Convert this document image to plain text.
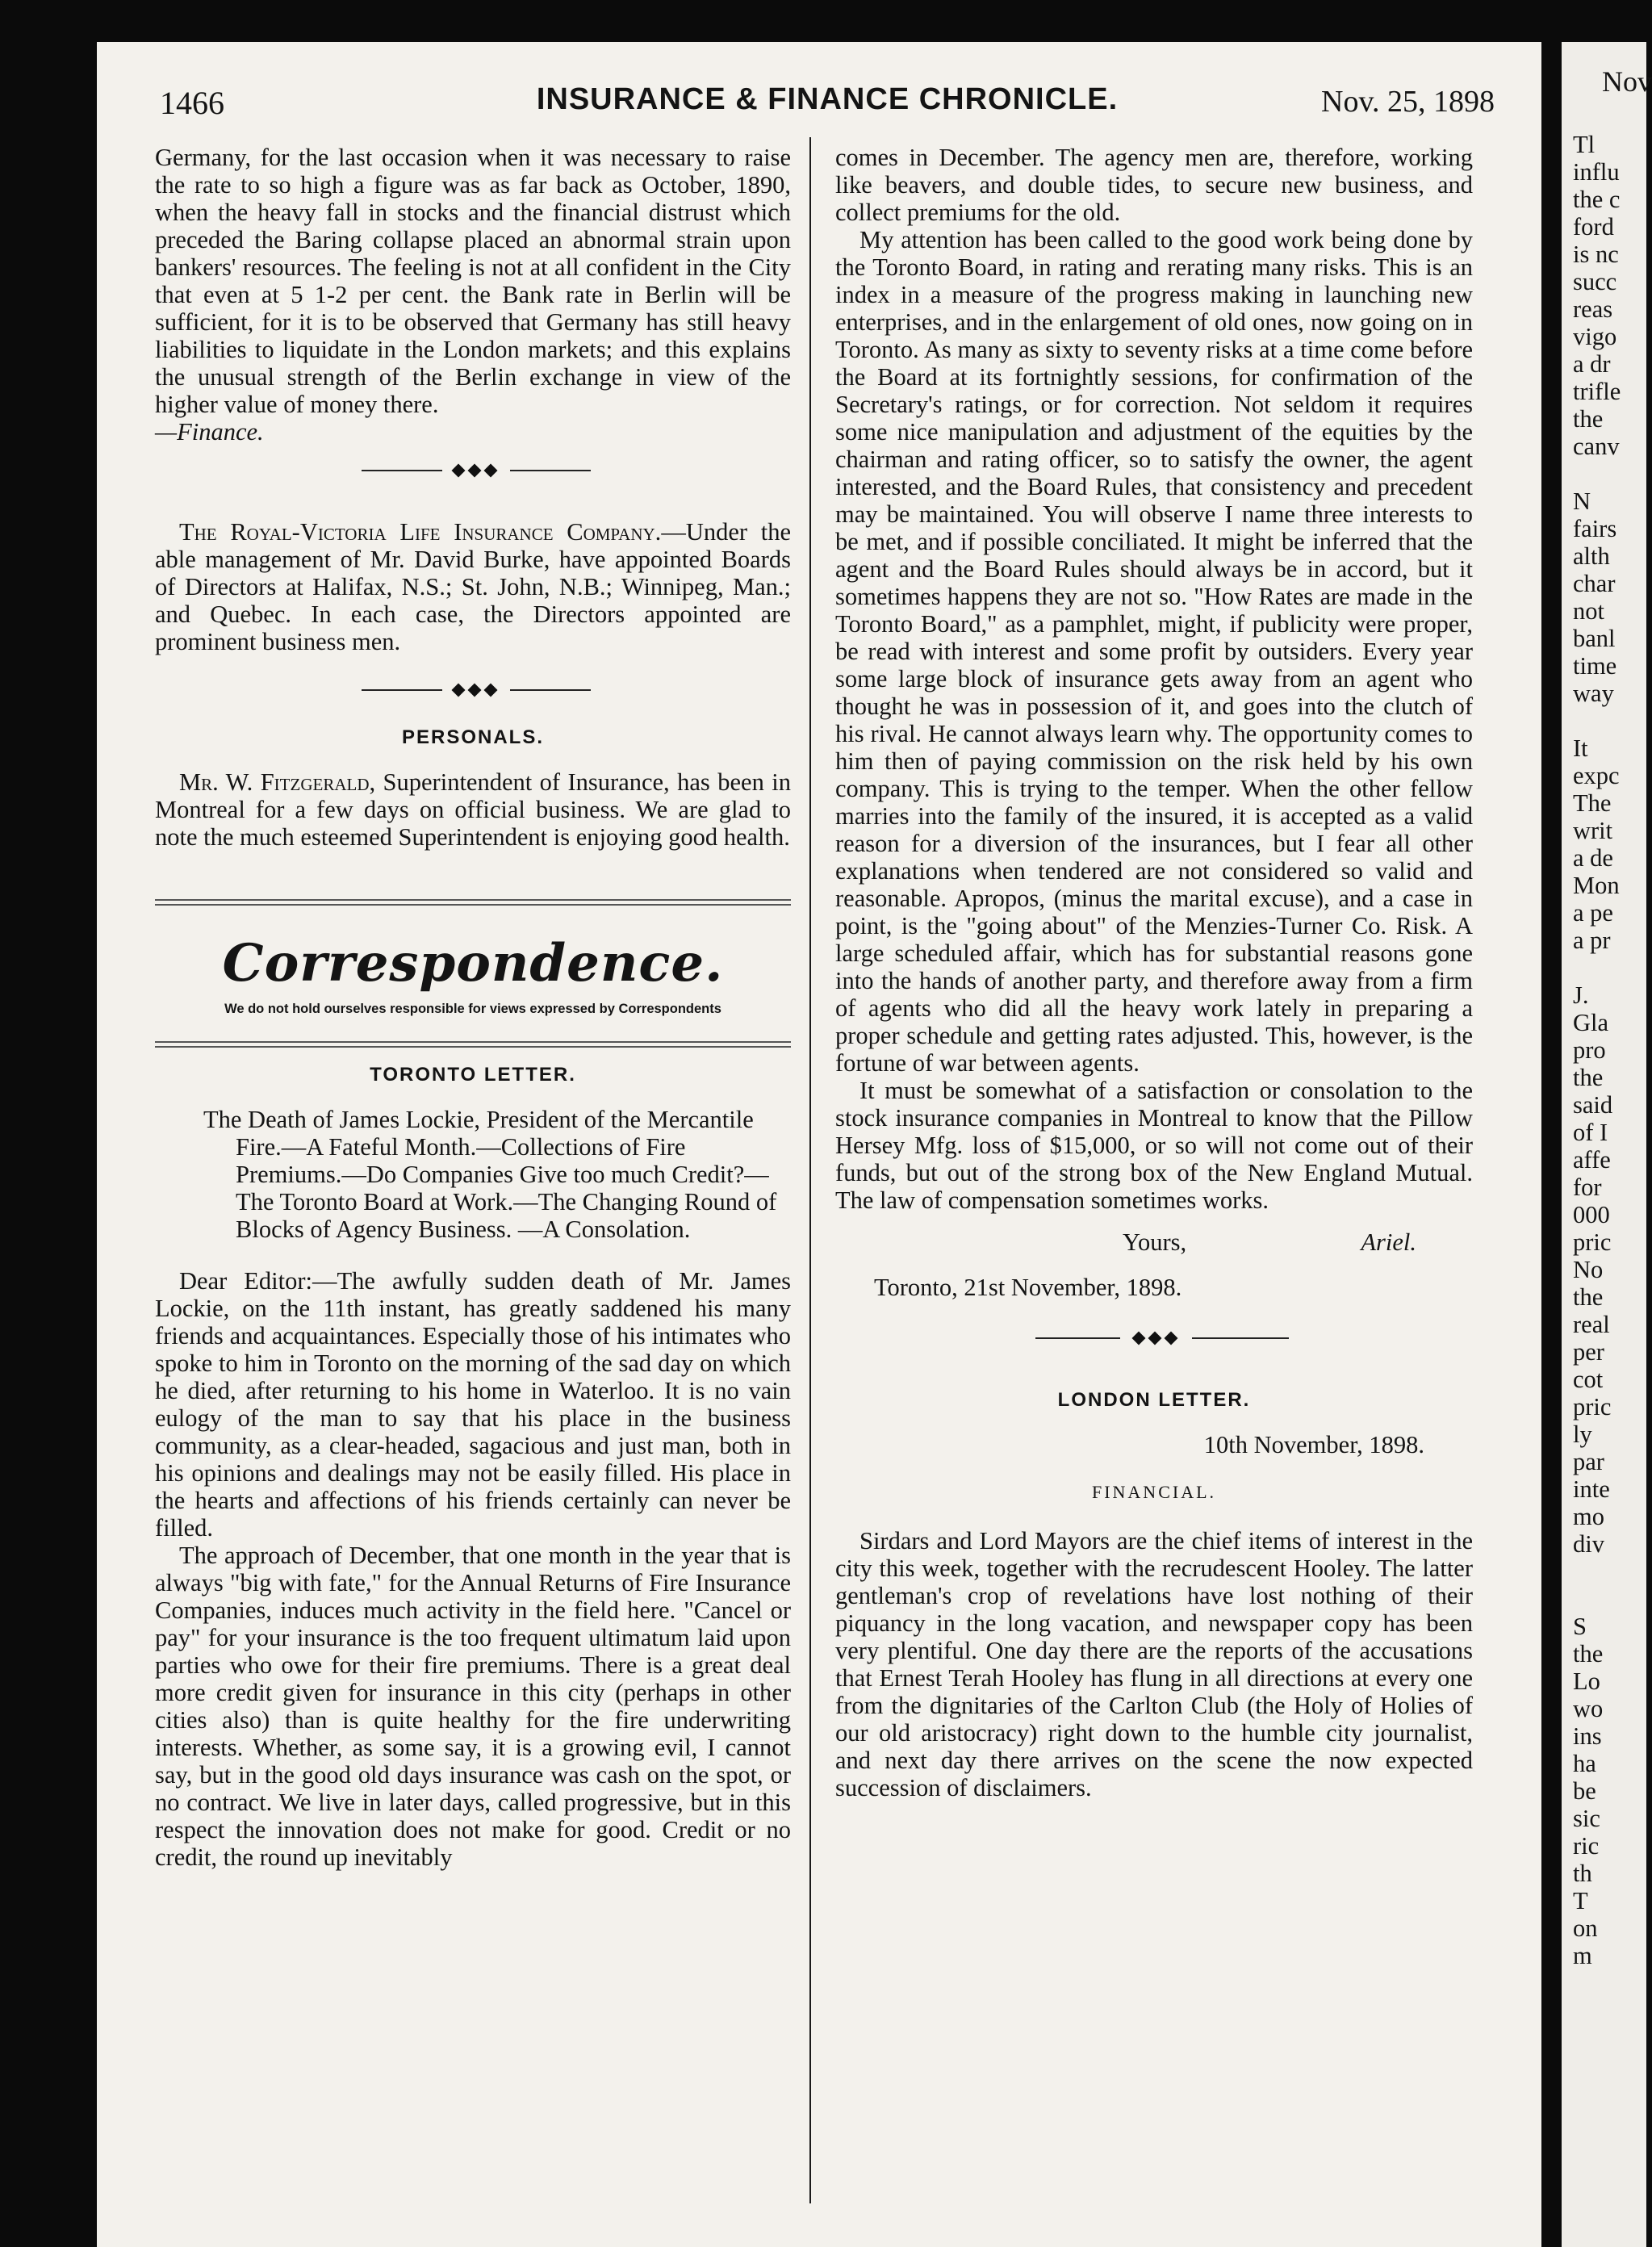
1466	INSURANCE & FINANCE CHRONICLE.	Nov. 25, 1898

Germany, for the last occasion when it was necessary to raise the rate to so high a figure was as far back as October, 1890, when the heavy fall in stocks and the financial distrust which preceded the Baring collapse placed an abnormal strain upon bankers' resources. The feeling is not at all confident in the City that even at 5 1-2 per cent. the Bank rate in Berlin will be sufficient, for it is to be observed that Germany has still heavy liabilities to liquidate in the London markets; and this explains the unusual strength of the Berlin exchange in view of the higher value of money there.

—Finance.

The Royal-Victoria Life Insurance Company.—Under the able management of Mr. David Burke, have appointed Boards of Directors at Halifax, N.S.; St. John, N.B.; Winnipeg, Man.; and Quebec. In each case, the Directors appointed are prominent business men.

PERSONALS.

Mr. W. Fitzgerald, Superintendent of Insurance, has been in Montreal for a few days on official business. We are glad to note the much esteemed Superintendent is enjoying good health.

Correspondence.
We do not hold ourselves responsible for views expressed by Correspondents
TORONTO LETTER.
The Death of James Lockie, President of the Mercantile Fire.—A Fateful Month.—Collections of Fire Premiums.—Do Companies Give too much Credit?—The Toronto Board at Work.—The Changing Round of Blocks of Agency Business. —A Consolation.

Dear Editor:—The awfully sudden death of Mr. James Lockie, on the 11th instant, has greatly saddened his many friends and acquaintances. Especially those of his intimates who spoke to him in Toronto on the morning of the sad day on which he died, after returning to his home in Waterloo. It is no vain eulogy of the man to say that his place in the business community, as a clear-headed, sagacious and just man, both in his opinions and dealings may not be easily filled. His place in the hearts and affections of his friends certainly can never be filled.

The approach of December, that one month in the year that is always "big with fate," for the Annual Returns of Fire Insurance Companies, induces much activity in the field here. "Cancel or pay" for your insurance is the too frequent ultimatum laid upon parties who owe for their fire premiums. There is a great deal more credit given for insurance in this city (perhaps in other cities also) than is quite healthy for the fire underwriting interests. Whether, as some say, it is a growing evil, I cannot say, but in the good old days insurance was cash on the spot, or no contract. We live in later days, called progressive, but in this respect the innovation does not make for good. Credit or no credit, the round up inevitably

comes in December. The agency men are, therefore, working like beavers, and double tides, to secure new business, and collect premiums for the old.

My attention has been called to the good work being done by the Toronto Board, in rating and rerating many risks. This is an index in a measure of the progress making in launching new enterprises, and in the enlargement of old ones, now going on in Toronto. As many as sixty to seventy risks at a time come before the Board at its fortnightly sessions, for confirmation of the Secretary's ratings, or for correction. Not seldom it requires some nice manipulation and adjustment of the equities by the chairman and rating officer, so to satisfy the owner, the agent interested, and the Board Rules, that consistency and precedent may be maintained. You will observe I name three interests to be met, and if possible conciliated. It might be inferred that the agent and the Board Rules should always be in accord, but it sometimes happens they are not so. "How Rates are made in the Toronto Board," as a pamphlet, might, if publicity were proper, be read with interest and some profit by outsiders. Every year some large block of insurance gets away from an agent who thought he was in possession of it, and goes into the clutch of his rival. He cannot always learn why. The opportunity comes to him then of paying commission on the risk held by his own company. This is trying to the temper. When the other fellow marries into the family of the insured, it is accepted as a valid reason for a diversion of the insurances, but I fear all other explanations when tendered are not considered so valid and reasonable. Apropos, (minus the marital excuse), and a case in point, is the "going about" of the Menzies-Turner Co. Risk. A large scheduled affair, which has for substantial reasons gone into the hands of another party, and therefore away from a firm of agents who did all the heavy work lately in preparing a proper schedule and getting rates adjusted. This, however, is the fortune of war between agents.

It must be somewhat of a satisfaction or consolation to the stock insurance companies in Montreal to know that the Pillow Hersey Mfg. loss of $15,000, or so will not come out of their funds, but out of the strong box of the New England Mutual. The law of compensation sometimes works.

Yours,	Ariel.
Toronto, 21st November, 1898.
LONDON LETTER.
10th November, 1898.
FINANCIAL.

Sirdars and Lord Mayors are the chief items of interest in the city this week, together with the recrudescent Hooley. The latter gentleman's crop of revelations have lost nothing of their piquancy in the long vacation, and newspaper copy has been very plentiful. One day there are the reports of the accusations that Ernest Terah Hooley has flung in all directions at every one from the dignitaries of the Carlton Club (the Holy of Holies of our old aristocracy) right down to the humble city journalist, and next day there arrives on the scene the now expected succession of disclaimers.

Nov
Tl
influ
the c
ford
is nc
succ
reas
vigo
a dr
trifle
the
canv

N
fairs
alth
char
not
banl
time
way

It
expc
The
writ
a de
Mon
a pe
a pr

J.
Gla
pro
the
said
of I
affe
for
000
pric
No
the
real
per
cot
pric
ly
par
inte
mo
div

S
the
Lo
wo
ins
ha
be
sic
ric
th
T
on
m
